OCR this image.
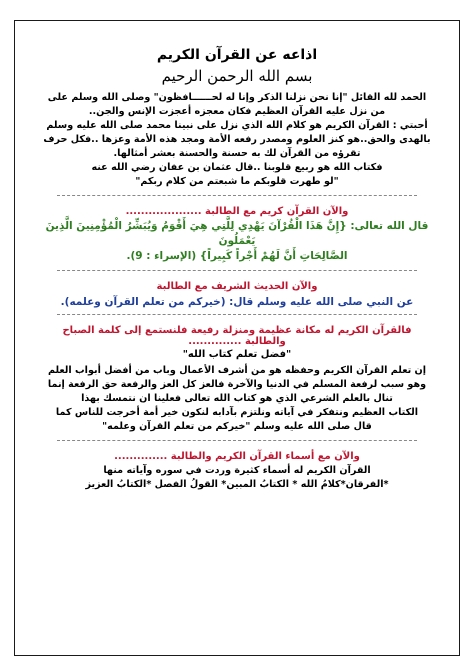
اذاعه عن القرآن الكريم
بسم الله الرحمن الرحيم
الحمد لله القائل "إنا نحن نزلنا الذكر وإنا له لحــــــافظون" وصلى الله وسلم على
من نزل عليه القرآن العظيم فكان معجزه أعجزت الإنس والجن..
أحبتي : القرآن الكريم هو كلام الله الذي نزل على نبينا محمد صلى الله عليه وسلم
بالهدى والحق..هو كنز العلوم ومصدر رفعه الأمة ومجد هذه الأمة وعزها ..فكل حرف
تقرؤه من القرآن لك به حسنة والحسنة بعشر أمثالها.
فكتاب الله هو ربيع قلوبنا ..قال عثمان بن عفان رضي الله عنه
"لو طهرت قلوبكم ما شبعتم من كلام ربكم"
والآن القرآن كريم مع الطالبة ....................
قال الله تعالى: {إِنَّ هَذَا الْقُرْآنَ يَهْدِي لِلَّتِي هِيَ أَقْوَمُ وَيُبَشِّرُ الْمُؤْمِنِينَ الَّذِينَ يَعْمَلُونَ
الصَّالِحَاتِ أَنَّ لَهُمْ أَجْراً كَبِيراً} (الإسراء : 9).
والآن الحديث الشريف مع الطالبة
عن النبي صلى الله عليه وسلم قال: (خيركم من تعلم القرآن وعلمه).
فالقرآن الكريم له مكانة عظيمة ومنزلة رفيعة فلنستمع إلى كلمة الصباح
والطالبة ..............
"فضل تعلم كتاب الله"
إن تعلم القرآن الكريم وحفظه هو من أشرف الأعمال وباب من أفضل أبواب العلم
وهو سبب لرفعة المسلم في الدنيا والآخرة فالعز كل العز والرفعة حق الرفعة إنما
تنال بالعلم الشرعي الذي هو كتاب الله تعالى فعلينا ان نتمسك بهذا
الكتاب العظيم ونتفكر في آياته ونلتزم بآدابه لنكون خير أمة أخرجت للناس كما
قال صلى الله عليه وسلم "خيركم من تعلم القرآن وعلمه"
والآن مع أسماء القرآن الكريم والطالبة ..............
القرآن الكريم له أسماء كثيرة وردت في سوره وآياته منها
*الفرقان*كلامُ الله * الكتابُ المبين* القولُ الفصل *الكتابُ العزيز
